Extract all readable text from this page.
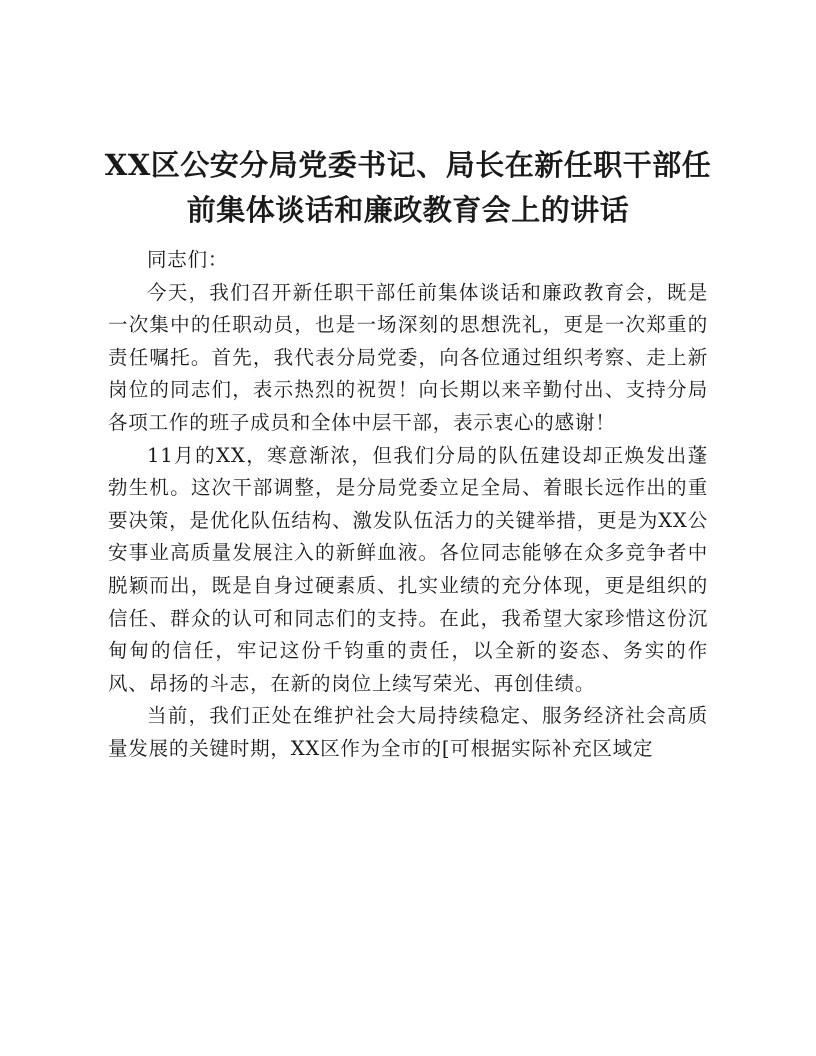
XX区公安分局党委书记、局长在新任职干部任
前集体谈话和廉政教育会上的讲话

同志们：

今天，我们召开新任职干部任前集体谈话和廉政教育会，既是一次集中的任职动员，也是一场深刻的思想洗礼，更是一次郑重的责任嘱托。首先，我代表分局党委，向各位通过组织考察、走上新岗位的同志们，表示热烈的祝贺！向长期以来辛勤付出、支持分局各项工作的班子成员和全体中层干部，表示衷心的感谢！

11月的XX，寒意渐浓，但我们分局的队伍建设却正焕发出蓬勃生机。这次干部调整，是分局党委立足全局、着眼长远作出的重要决策，是优化队伍结构、激发队伍活力的关键举措，更是为XX公安事业高质量发展注入的新鲜血液。各位同志能够在众多竞争者中脱颖而出，既是自身过硬素质、扎实业绩的充分体现，更是组织的信任、群众的认可和同志们的支持。在此，我希望大家珍惜这份沉甸甸的信任，牢记这份千钧重的责任，以全新的姿态、务实的作风、昂扬的斗志，在新的岗位上续写荣光、再创佳绩。

当前，我们正处在维护社会大局持续稳定、服务经济社会高质量发展的关键时期，XX区作为全市的[可根据实际补充区域定
